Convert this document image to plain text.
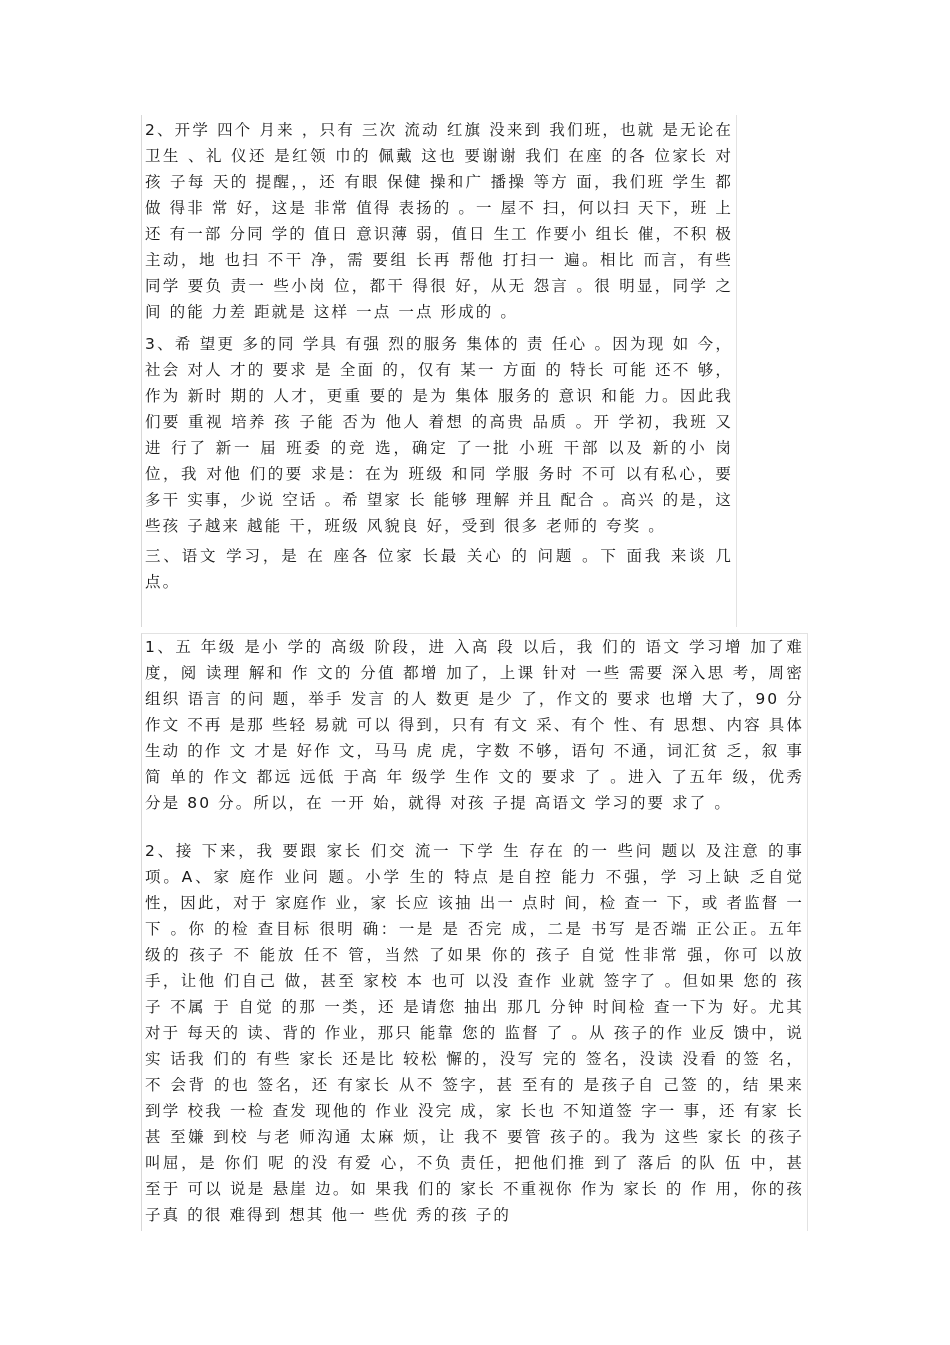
2、开学 四个 月来 ，只有 三次 流动 红旗 没来到 我们班，也就 是无论在 卫生 、礼 仪还 是红领 巾的 佩戴 这也 要谢谢 我们 在座 的各 位家长 对孩 子每 天的 提醒，，还 有眼 保健 操和广 播操 等方 面，我们班 学生 都做 得非 常 好，这是 非常 值得 表扬的 。一 屋不 扫，何以扫 天下，班 上还 有一部 分同 学的 值日 意识薄 弱，值日 生工 作要小 组长 催，不积 极 主动，地 也扫 不干 净，需 要组 长再 帮他 打扫一 遍。相比 而言，有些 同学 要负 责一 些小岗 位，都干 得很 好，从无 怨言 。很 明显，同学 之间 的能 力差 距就是 这样 一点 一点 形成的 。

3、希 望更 多的同 学具 有强 烈的服务 集体的 责 任心 。因为现 如 今，社会 对人 才的 要求 是 全面 的，仅有 某一 方面 的 特长 可能 还不 够，作为 新时 期的 人才，更重 要的 是为 集体 服务的 意识 和能 力。因此我 们要 重视 培养 孩 子能 否为 他人 着想 的高贵 品质 。开 学初，我班 又进 行了 新一 届 班委 的竞 选，确定 了一批 小班 干部 以及 新的小 岗位，我 对他 们的要 求是：在为 班级 和同 学服 务时 不可 以有私心，要 多干 实事，少说 空话 。希 望家 长 能够 理解 并且 配合 。高兴 的是，这 些孩 子越来 越能 干，班级 风貌良 好，受到 很多 老师的 夸奖 。

三、语文 学习，是 在 座各 位家 长最 关心 的 问题 。下 面我 来谈 几点。

1、五 年级 是小 学的 高级 阶段，进 入高 段 以后，我 们的 语文 学习增 加了难度，阅 读理 解和 作 文的 分值 都增 加了，上课 针对 一些 需要 深入思 考，周密 组织 语言 的问 题，举手 发言 的人 数更 是少 了，作文的 要求 也增 大了，90 分 作文 不再 是那 些轻 易就 可以 得到，只有 有文 采、有个 性、有 思想、内容 具体 生动 的作 文 才是 好作 文，马马 虎 虎，字数 不够，语句 不通，词汇贫 乏，叙 事简 单的 作文 都远 远低 于高 年 级学 生作 文的 要求 了 。进入 了五年 级，优秀 分是 80 分。所以，在 一开 始，就得 对孩 子提 高语文 学习的要 求了 。

2、接 下来，我 要跟 家长 们交 流一 下学 生 存在 的一 些问 题以 及注意 的事项。A、家 庭作 业问 题。小学 生的 特点 是自控 能力 不强，学 习上缺 乏自觉性，因此，对于 家庭作 业，家 长应 该抽 出一 点时 间，检 查一 下，或 者监督 一下 。你 的检 查目标 很明 确：一是 是 否完 成，二是 书写 是否端 正公正。五年 级的 孩子 不 能放 任不 管，当然 了如果 你的 孩子 自觉 性非常 强，你可 以放 手，让他 们自己 做，甚至 家校 本 也可 以没 查作 业就 签字了 。但如果 您的 孩子 不属 于 自觉 的那 一类，还 是请您 抽出 那几 分钟 时间检 查一下为 好。尤其 对于 每天的 读、背的 作业，那只 能靠 您的 监督 了 。从 孩子的作 业反 馈中，说实 话我 们的 有些 家长 还是比 较松 懈的，没写 完的 签名，没读 没看 的签 名，不 会背 的也 签名，还 有家长 从不 签字，甚 至有的 是孩子自 己签 的，结 果来 到学 校我 一检 查发 现他的 作业 没完 成，家 长也 不知道签 字一 事，还 有家 长甚 至嫌 到校 与老 师沟通 太麻 烦，让 我不 要管 孩子的。我为 这些 家长 的孩子 叫屈，是 你们 呢 的没 有爱 心，不负 责任，把他们推 到了 落后 的队 伍 中，甚 至于 可以 说是 悬崖 边。如 果我 们的 家长 不重视你 作为 家长 的 作 用，你的孩 子真 的很 难得到 想其 他一 些优 秀的孩 子的
